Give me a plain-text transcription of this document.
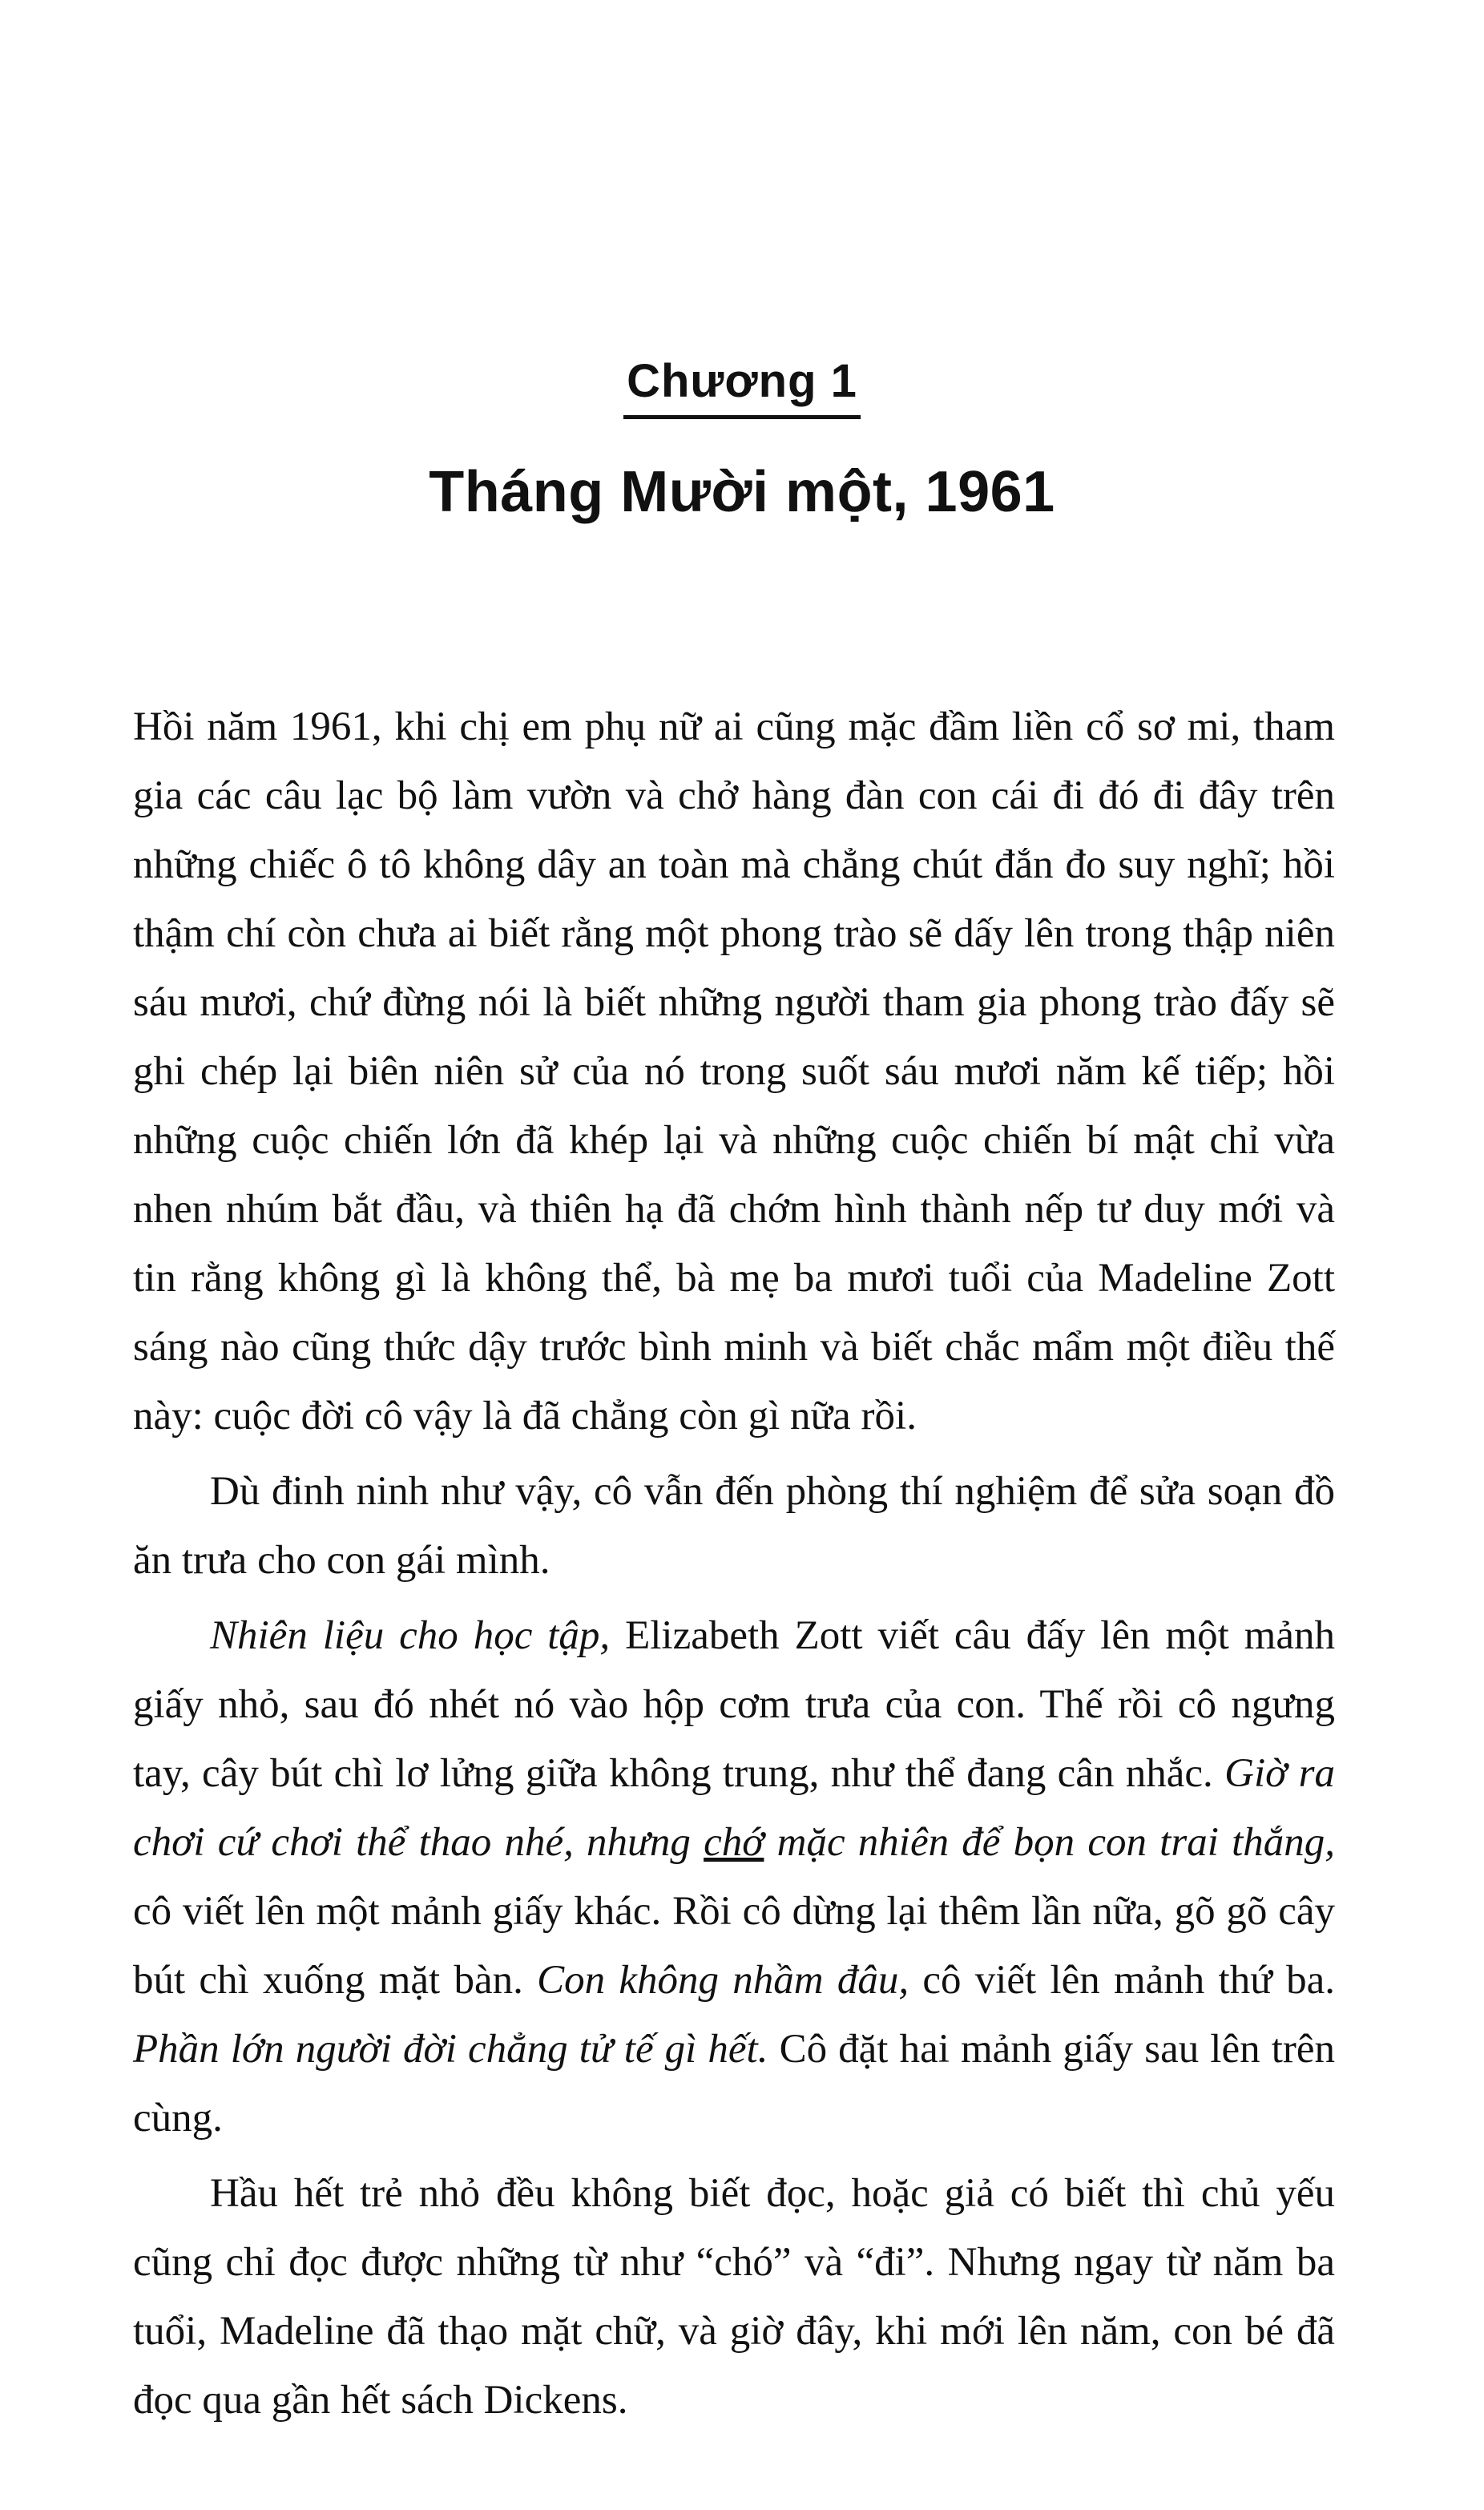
Chương 1
Tháng Mười một, 1961

Hồi năm 1961, khi chị em phụ nữ ai cũng mặc đầm liền cổ sơ mi, tham gia các câu lạc bộ làm vườn và chở hàng đàn con cái đi đó đi đây trên những chiếc ô tô không dây an toàn mà chẳng chút đắn đo suy nghĩ; hồi thậm chí còn chưa ai biết rằng một phong trào sẽ dấy lên trong thập niên sáu mươi, chứ đừng nói là biết những người tham gia phong trào đấy sẽ ghi chép lại biên niên sử của nó trong suốt sáu mươi năm kế tiếp; hồi những cuộc chiến lớn đã khép lại và những cuộc chiến bí mật chỉ vừa nhen nhúm bắt đầu, và thiên hạ đã chớm hình thành nếp tư duy mới và tin rằng không gì là không thể, bà mẹ ba mươi tuổi của Madeline Zott sáng nào cũng thức dậy trước bình minh và biết chắc mẩm một điều thế này: cuộc đời cô vậy là đã chẳng còn gì nữa rồi.

Dù đinh ninh như vậy, cô vẫn đến phòng thí nghiệm để sửa soạn đồ ăn trưa cho con gái mình.

Nhiên liệu cho học tập, Elizabeth Zott viết câu đấy lên một mảnh giấy nhỏ, sau đó nhét nó vào hộp cơm trưa của con. Thế rồi cô ngưng tay, cây bút chì lơ lửng giữa không trung, như thể đang cân nhắc. Giờ ra chơi cứ chơi thể thao nhé, nhưng chớ mặc nhiên để bọn con trai thắng, cô viết lên một mảnh giấy khác. Rồi cô dừng lại thêm lần nữa, gõ gõ cây bút chì xuống mặt bàn. Con không nhầm đâu, cô viết lên mảnh thứ ba. Phần lớn người đời chẳng tử tế gì hết. Cô đặt hai mảnh giấy sau lên trên cùng.

Hầu hết trẻ nhỏ đều không biết đọc, hoặc giả có biết thì chủ yếu cũng chỉ đọc được những từ như “chó” và “đi”. Nhưng ngay từ năm ba tuổi, Madeline đã thạo mặt chữ, và giờ đây, khi mới lên năm, con bé đã đọc qua gần hết sách Dickens.
